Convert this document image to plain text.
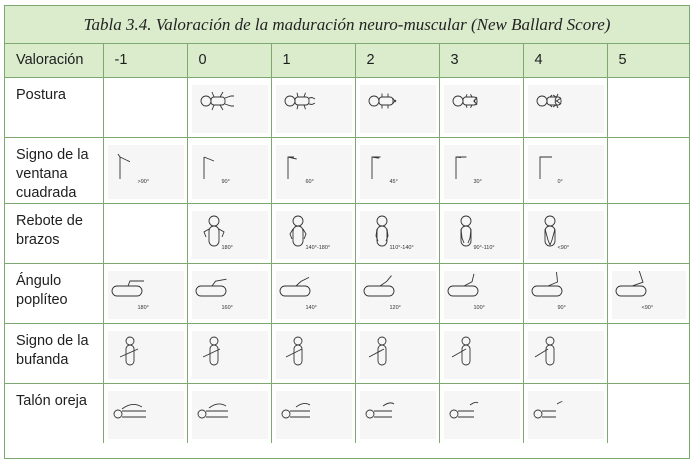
Tabla 3.4. Valoración de la maduración neuro-muscular (New Ballard Score)
Valoración	-1	0	1	2	3	4	5
Postura		

Signo de la ventana cuadrada	>90°	90°	60°	45°	30°	0°	

Rebote de brazos		180°	140°-180°	110°-140°	90°-110°	<90°	

Ángulo poplíteo	180°	160°	140°	120°	100°	90°	<90°

Signo de la bufanda	

Talón oreja	
